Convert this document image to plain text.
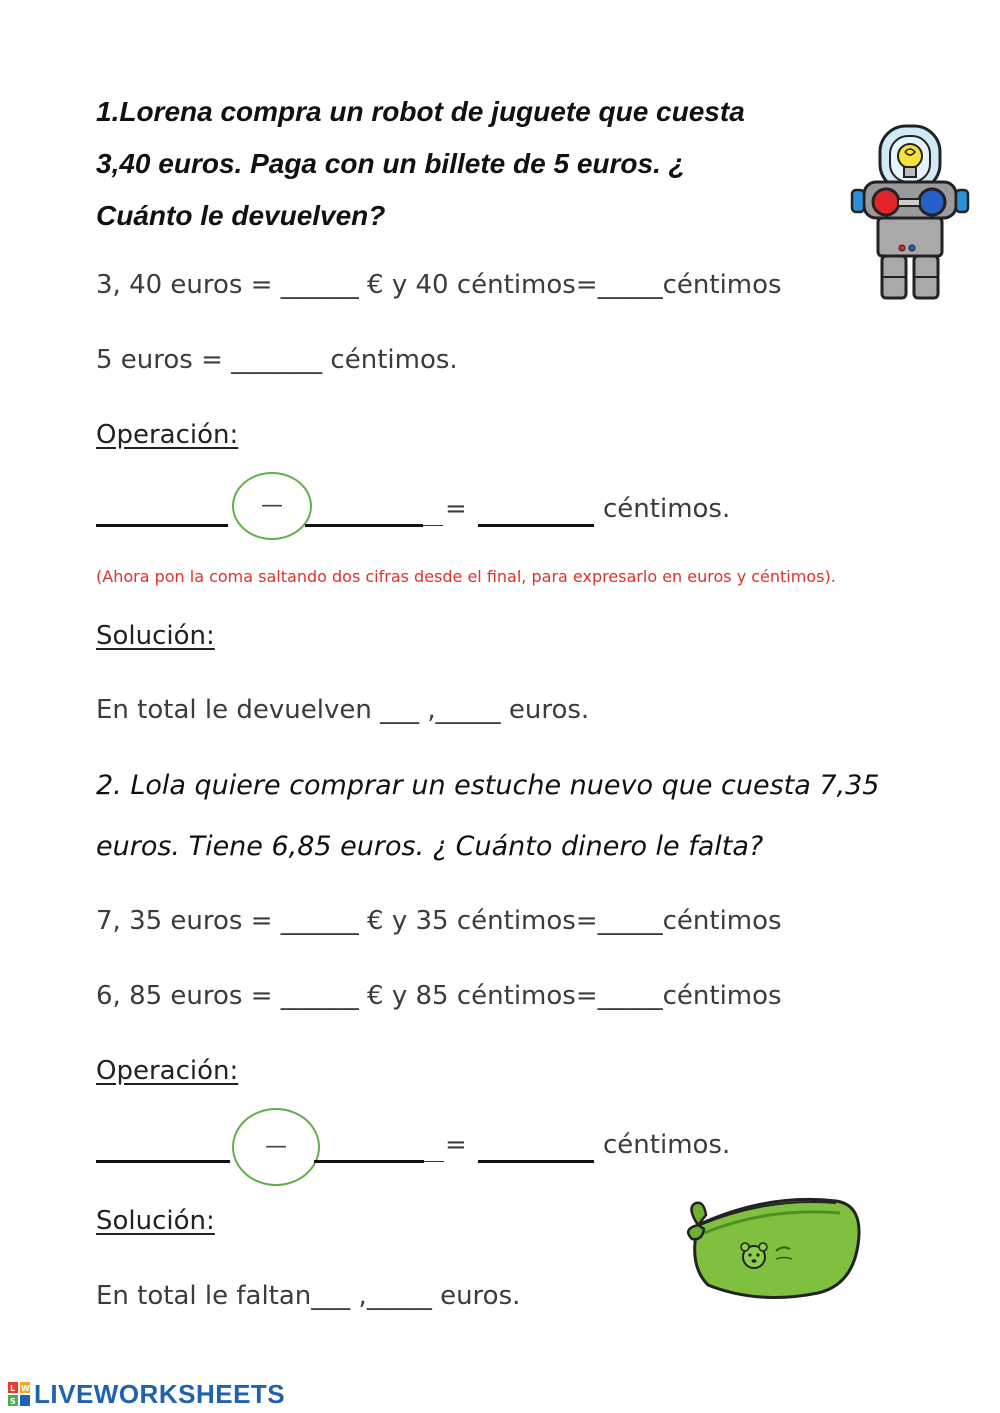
1.Lorena compra un robot de juguete que cuesta
3,40 euros. Paga con un billete de 5 euros. ¿
Cuánto le devuelven?
3, 40 euros = ______ € y 40 céntimos=_____céntimos
5 euros = _______ céntimos.
Operación:
—	=	céntimos.
(Ahora pon la coma saltando dos cifras desde el final, para expresarlo en euros y céntimos).
Solución:
En total le devuelven ___ ,_____ euros.
2. Lola quiere comprar un estuche nuevo que cuesta 7,35
euros. Tiene 6,85 euros. ¿ Cuánto dinero le falta?
7, 35 euros = ______ € y 35 céntimos=_____céntimos
6, 85 euros = ______ € y 85 céntimos=_____céntimos
Operación:
—	=	céntimos.
Solución:
En total le faltan___ ,_____ euros.
L W
S LIVEWORKSHEETS
